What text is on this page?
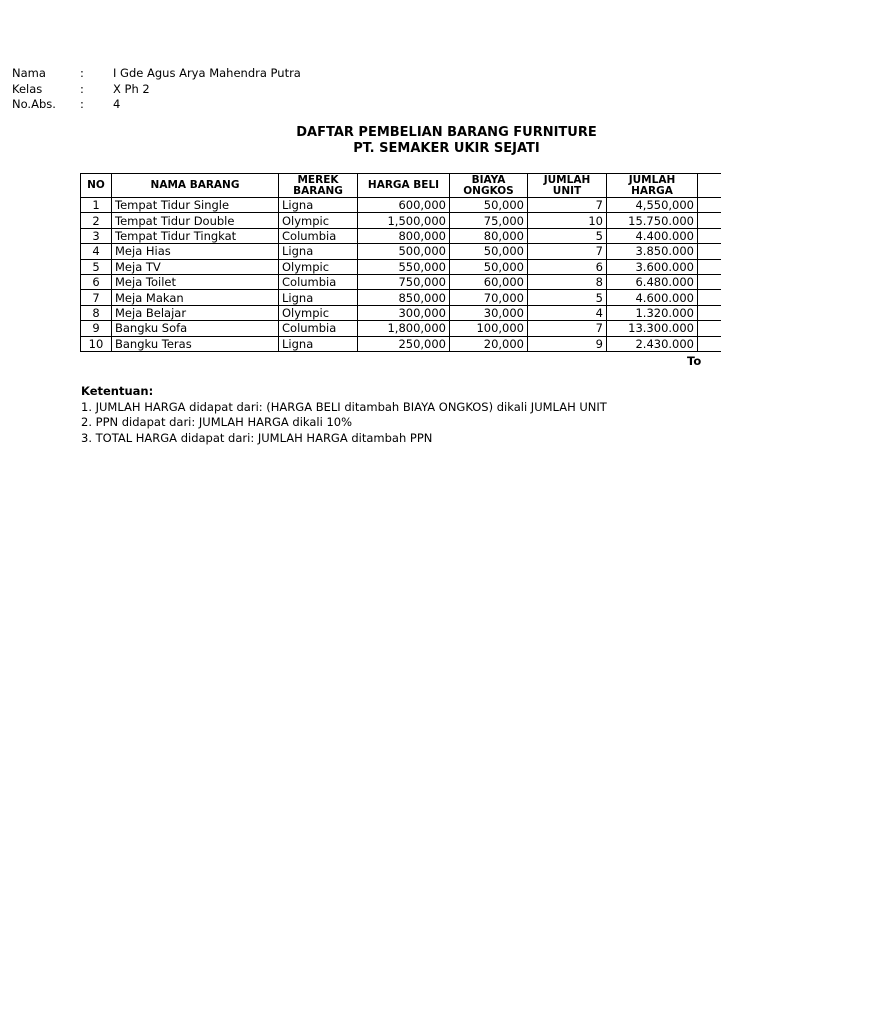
Nama	:	I Gde Agus Arya Mahendra Putra
Kelas	:	X Ph 2
No.Abs. :	4
DAFTAR PEMBELIAN BARANG FURNITURE
PT. SEMAKER UKIR SEJATI
NO	NAMA BARANG	MEREK BARANG	HARGA BELI	BIAYA ONGKOS	JUMLAH UNIT	JUMLAH HARGA	
1	Tempat Tidur Single	Ligna	600,000	50,000	7	4,550,000	
2	Tempat Tidur Double	Olympic	1,500,000	75,000	10	15.750.000	
3	Tempat Tidur Tingkat	Columbia	800,000	80,000	5	4.400.000	
4	Meja Hias	Ligna	500,000	50,000	7	3.850.000	
5	Meja TV	Olympic	550,000	50,000	6	3.600.000	
6	Meja Toilet	Columbia	750,000	60,000	8	6.480.000	
7	Meja Makan	Ligna	850,000	70,000	5	4.600.000	
8	Meja Belajar	Olympic	300,000	30,000	4	1.320.000	
9	Bangku Sofa	Columbia	1,800,000	100,000	7	13.300.000	
10	Bangku Teras	Ligna	250,000	20,000	9	2.430.000	
To
Ketentuan:
1. JUMLAH HARGA didapat dari: (HARGA BELI ditambah BIAYA ONGKOS) dikali JUMLAH UNIT
2. PPN didapat dari: JUMLAH HARGA dikali 10%
3. TOTAL HARGA didapat dari: JUMLAH HARGA ditambah PPN
